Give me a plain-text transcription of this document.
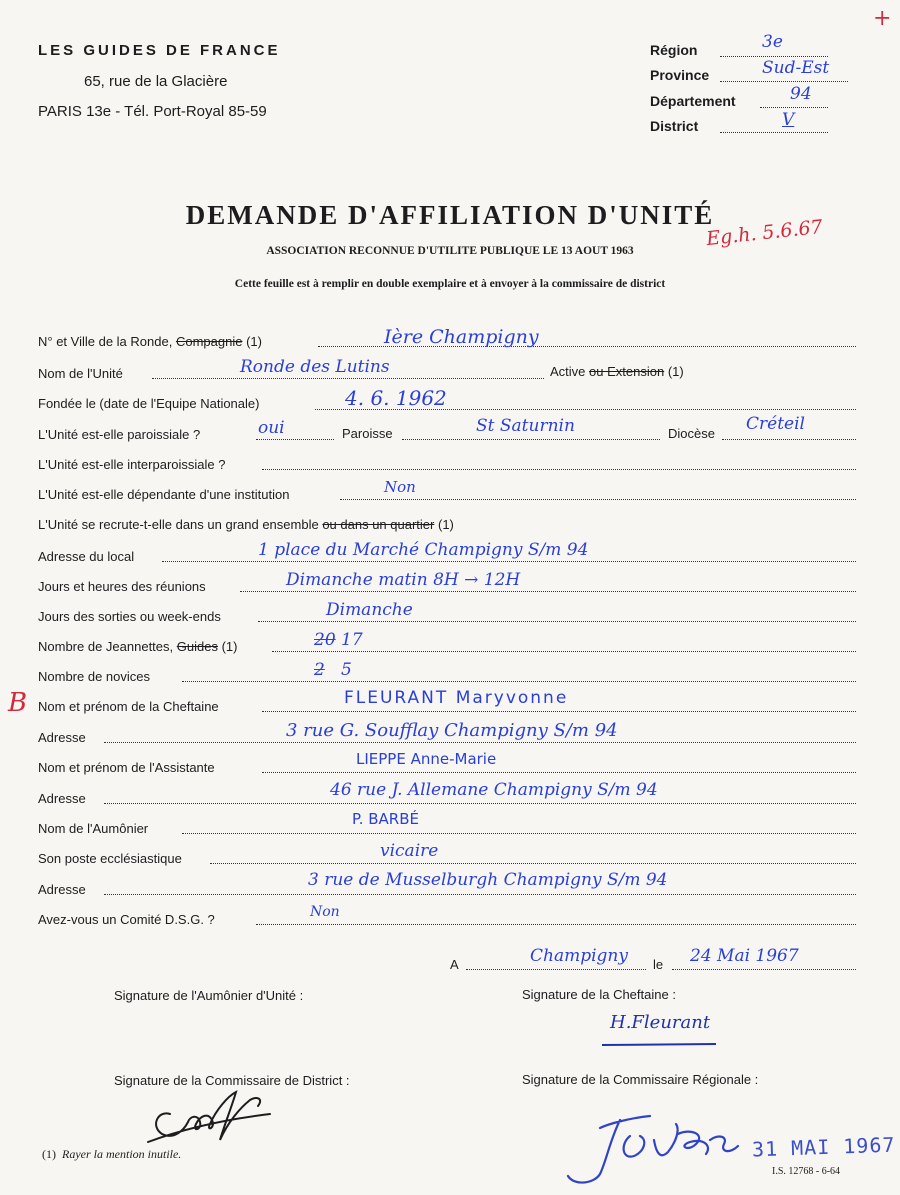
LES GUIDES DE FRANCE
65, rue de la Glacière
PARIS 13e - Tél. Port-Royal 85-59
+
Région	3e
Province	Sud-Est
Département	94
District	V
DEMANDE D'AFFILIATION D'UNITÉ
ASSOCIATION RECONNUE D'UTILITE PUBLIQUE LE 13 AOUT 1963
Eg.h. 5.6.67
Cette feuille est à remplir en double exemplaire et à envoyer à la commissaire de district
N° et Ville de la Ronde, Compagnie (1)	Ière Champigny
Nom de l'Unité	Ronde des Lutins	Active ou Extension (1)
Fondée le (date de l'Equipe Nationale)	4. 6. 1962
L'Unité est-elle paroissiale ?	oui	Paroisse	St Saturnin	Diocèse Créteil
L'Unité est-elle interparoissiale ?
L'Unité est-elle dépendante d'une institution	Non
L'Unité se recrute-t-elle dans un grand ensemble ou dans un quartier (1)
Adresse du local	1 place du Marché Champigny S/m 94
Jours et heures des réunions	Dimanche matin 8H → 12H
Jours des sorties ou week-ends	Dimanche
Nombre de Jeannettes, Guides (1)	20 17
Nombre de novices	2 5
B Nom et prénom de la Cheftaine	FLEURANT Maryvonne
Adresse	3 rue G. Soufflay Champigny S/m 94
Nom et prénom de l'Assistante	LIEPPE Anne-Marie
Adresse	46 rue J. Allemane Champigny S/m 94
Nom de l'Aumônier
P. BARBÉ
Son poste ecclésiastique	vicaire
Adresse	3 rue de Musselburgh Champigny S/m 94
Avez-vous un Comité D.S.G. ?	Non
A	Champigny le 24 Mai 1967
Signature de l'Aumônier d'Unité :	Signature de la Cheftaine :
H.Fleurant
Signature de la Commissaire de District :	Signature de la Commissaire Régionale :
31 MAI 1967
(1) Rayer la mention inutile.
I.S. 12768 - 6-64
